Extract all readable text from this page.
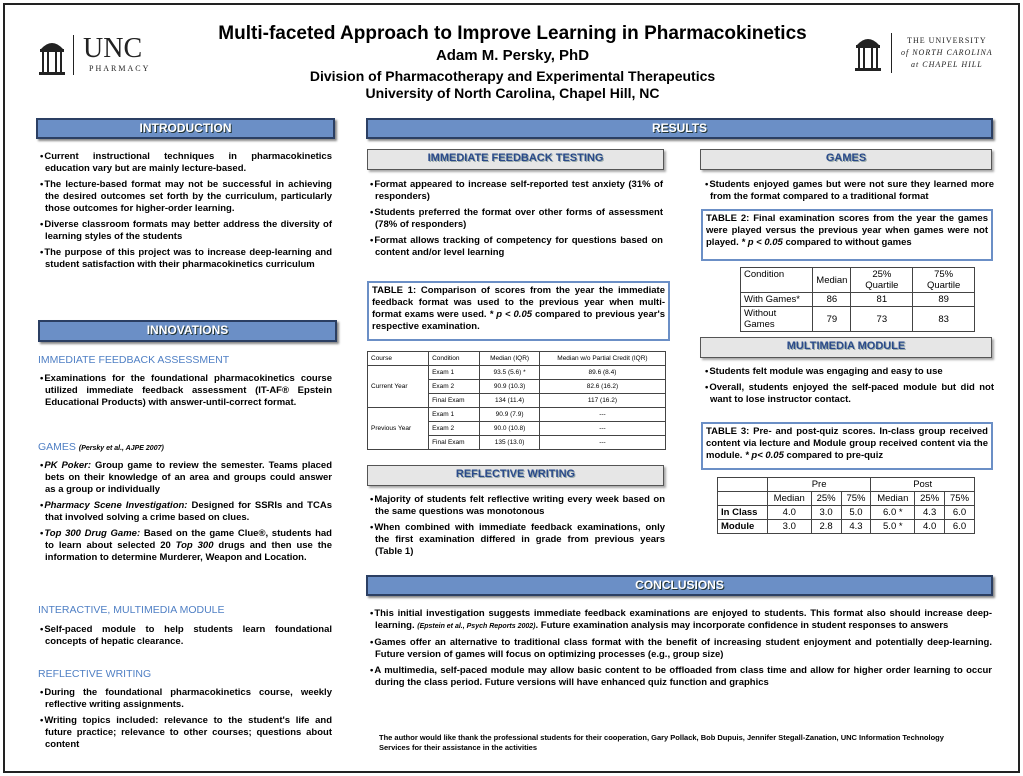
UNC
PHARMACY
Multi-faceted Approach to Improve Learning in Pharmacokinetics
Adam M. Persky, PhD
Division of Pharmacotherapy and Experimental Therapeutics
University of North Carolina, Chapel Hill, NC
THE UNIVERSITY
of NORTH CAROLINA
at CHAPEL HILL
INTRODUCTION
• Current instructional techniques in pharmacokinetics education vary but are mainly lecture-based.
• The lecture-based format may not be successful in achieving the desired outcomes set forth by the curriculum, particularly those outcomes for higher-order learning.
• Diverse classroom formats may better address the diversity of learning styles of the students
• The purpose of this project was to increase deep-learning and student satisfaction with their pharmacokinetics curriculum
INNOVATIONS
IMMEDIATE FEEDBACK ASSESSMENT
• Examinations for the foundational pharmacokinetics course utilized immediate feedback assessment (IT-AF® Epstein Educational Products) with answer-until-correct format.
GAMES (Persky et al., AJPE 2007)
• PK Poker: Group game to review the semester. Teams placed bets on their knowledge of an area and groups could answer as a group or individually
• Pharmacy Scene Investigation: Designed for SSRIs and TCAs that involved solving a crime based on clues.
• Top 300 Drug Game: Based on the game Clue®, students had to learn about selected 20 Top 300 drugs and then use the information to determine Murderer, Weapon and Location.
INTERACTIVE, MULTIMEDIA MODULE
• Self-paced module to help students learn foundational concepts of hepatic clearance.
REFLECTIVE WRITING
• During the foundational pharmacokinetics course, weekly reflective writing assignments.
• Writing topics included: relevance to the student's life and future practice; relevance to other courses; questions about content
RESULTS
IMMEDIATE FEEDBACK TESTING
• Format appeared to increase self-reported test anxiety (31% of responders)
• Students preferred the format over other forms of assessment (78% of responders)
• Format allows tracking of competency for questions based on content and/or level learning
TABLE 1: Comparison of scores from the year the immediate feedback format was used to the previous year when multi-format exams were used. * p < 0.05 compared to previous year's respective examination.
Course	Condition	Median (IQR)	Median w/o Partial Credit (IQR)
Current Year	Exam 1	93.5 (5.6) *	89.6 (8.4)
	Exam 2	90.9 (10.3)	82.6 (16.2)
	Final Exam	134 (11.4)	117 (16.2)
Previous Year	Exam 1	90.9 (7.9)	---
	Exam 2	90.0 (10.8)	---
	Final Exam	135 (13.0)	---
REFLECTIVE WRITING
• Majority of students felt reflective writing every week based on the same questions was monotonous
• When combined with immediate feedback examinations, only the first examination differed in grade from previous years (Table 1)
GAMES
• Students enjoyed games but were not sure they learned more from the format compared to a traditional format
TABLE 2: Final examination scores from the year the games were played versus the previous year when games were not played. * p < 0.05 compared to without games
Condition	Median	25% Quartile	75% Quartile
With Games*	86	81	89
Without Games	79	73	83
MULTIMEDIA MODULE
• Students felt module was engaging and easy to use
• Overall, students enjoyed the self-paced module but did not want to lose instructor contact.
TABLE 3: Pre- and post-quiz scores. In-class group received content via lecture and Module group received content via the module. * p< 0.05 compared to pre-quiz
	Pre			Post		
	Median	25%	75%	Median	25%	75%
In Class	4.0	3.0	5.0	6.0 *	4.3	6.0
Module	3.0	2.8	4.3	5.0 *	4.0	6.0
CONCLUSIONS
• This initial investigation suggests immediate feedback examinations are enjoyed to students. This format also should increase deep-learning. (Epstein et al., Psych Reports 2002). Future examination analysis may incorporate confidence in student responses to answers
• Games offer an alternative to traditional class format with the benefit of increasing student enjoyment and potentially deep-learning. Future version of games will focus on optimizing processes (e.g., group size)
• A multimedia, self-paced module may allow basic content to be offloaded from class time and allow for higher order learning to occur during the class period. Future versions will have enhanced quiz function and graphics
The author would like thank the professional students for their cooperation, Gary Pollack, Bob Dupuis, Jennifer Stegall-Zanation, UNC Information Technology Services for their assistance in the activities
